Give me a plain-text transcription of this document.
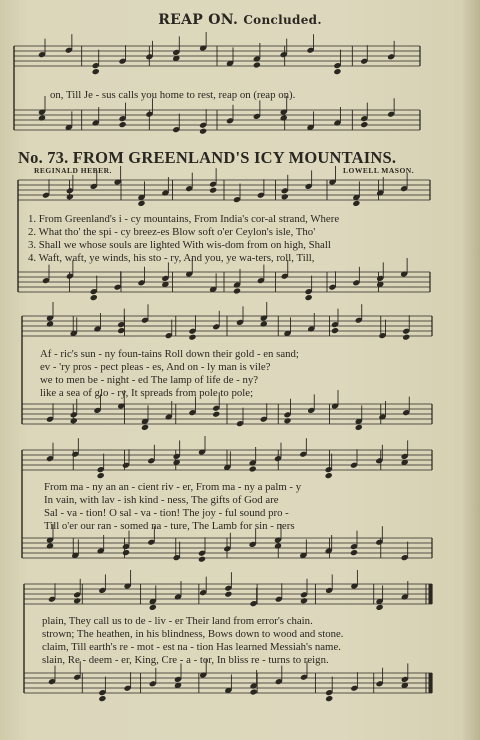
REAP ON. Concluded.
on, Till Je - sus calls you home to rest, reap on (reap on).
No. 73. FROM GREENLAND'S ICY MOUNTAINS.
REGINALD HEBER.	LOWELL MASON.
1. From Greenland's i - cy mountains, From India's cor-al strand, Where
2. What tho' the spi - cy breez-es Blow soft o'er Ceylon's isle, Tho'
3. Shall we whose souls are lighted With wis-dom from on high, Shall
4. Waft, waft, ye winds, his sto - ry, And you, ye wa-ters, roll, Till,
Af - ric's sun - ny foun-tains Roll down their gold - en sand;
ev - 'ry pros - pect pleas - es, And on - ly man is vile?
we to men be - night - ed The lamp of life de - ny?
like a sea of glo - ry, It spreads from pole to pole;
From ma - ny an an - cient riv - er, From ma - ny a palm - y
In vain, with lav - ish kind - ness, The gifts of God are
Sal - va - tion! O sal - va - tion! The joy - ful sound pro -
Till o'er our ran - somed na - ture, The Lamb for sin - ners
plain, They call us to de - liv - er Their land from error's chain.
strown; The heathen, in his blindness, Bows down to wood and stone.
claim, Till earth's re - mot - est na - tion Has learned Messiah's name.
slain, Re - deem - er, King, Cre - a - tor, In bliss re - turns to reign.
